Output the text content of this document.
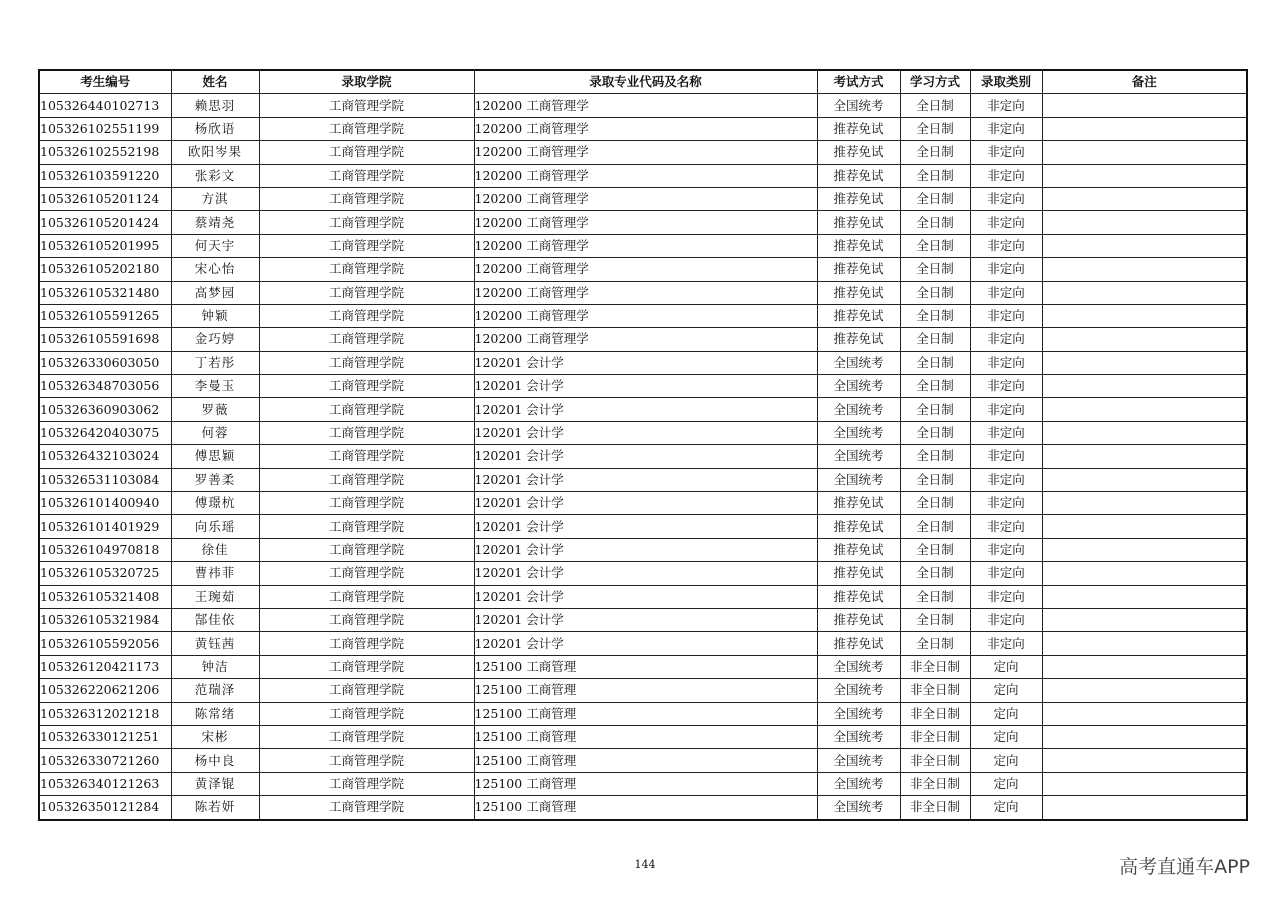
考生编号	姓名	录取学院	录取专业代码及名称	考试方式	学习方式	录取类别	备注
105326440102713	赖思羽	工商管理学院	120200 工商管理学	全国统考	全日制	非定向	
105326102551199	杨欣语	工商管理学院	120200 工商管理学	推荐免试	全日制	非定向	
105326102552198	欧阳岑果	工商管理学院	120200 工商管理学	推荐免试	全日制	非定向	
105326103591220	张彩文	工商管理学院	120200 工商管理学	推荐免试	全日制	非定向	
105326105201124	方淇	工商管理学院	120200 工商管理学	推荐免试	全日制	非定向	
105326105201424	蔡靖尧	工商管理学院	120200 工商管理学	推荐免试	全日制	非定向	
105326105201995	何天宇	工商管理学院	120200 工商管理学	推荐免试	全日制	非定向	
105326105202180	宋心怡	工商管理学院	120200 工商管理学	推荐免试	全日制	非定向	
105326105321480	高梦园	工商管理学院	120200 工商管理学	推荐免试	全日制	非定向	
105326105591265	钟颖	工商管理学院	120200 工商管理学	推荐免试	全日制	非定向	
105326105591698	金巧婷	工商管理学院	120200 工商管理学	推荐免试	全日制	非定向	
105326330603050	丁若彤	工商管理学院	120201 会计学	全国统考	全日制	非定向	
105326348703056	李曼玉	工商管理学院	120201 会计学	全国统考	全日制	非定向	
105326360903062	罗薇	工商管理学院	120201 会计学	全国统考	全日制	非定向	
105326420403075	何蓉	工商管理学院	120201 会计学	全国统考	全日制	非定向	
105326432103024	傅思颖	工商管理学院	120201 会计学	全国统考	全日制	非定向	
105326531103084	罗善柔	工商管理学院	120201 会计学	全国统考	全日制	非定向	
105326101400940	傅璟杭	工商管理学院	120201 会计学	推荐免试	全日制	非定向	
105326101401929	向乐瑶	工商管理学院	120201 会计学	推荐免试	全日制	非定向	
105326104970818	徐佳	工商管理学院	120201 会计学	推荐免试	全日制	非定向	
105326105320725	曹祎菲	工商管理学院	120201 会计学	推荐免试	全日制	非定向	
105326105321408	王琬茹	工商管理学院	120201 会计学	推荐免试	全日制	非定向	
105326105321984	郜佳依	工商管理学院	120201 会计学	推荐免试	全日制	非定向	
105326105592056	黄钰茜	工商管理学院	120201 会计学	推荐免试	全日制	非定向	
105326120421173	钟洁	工商管理学院	125100 工商管理	全国统考	非全日制	定向	
105326220621206	范瑞泽	工商管理学院	125100 工商管理	全国统考	非全日制	定向	
105326312021218	陈常绪	工商管理学院	125100 工商管理	全国统考	非全日制	定向	
105326330121251	宋彬	工商管理学院	125100 工商管理	全国统考	非全日制	定向	
105326330721260	杨中良	工商管理学院	125100 工商管理	全国统考	非全日制	定向	
105326340121263	黄泽锟	工商管理学院	125100 工商管理	全国统考	非全日制	定向	
105326350121284	陈若妍	工商管理学院	125100 工商管理	全国统考	非全日制	定向	
144	高考直通车APP
